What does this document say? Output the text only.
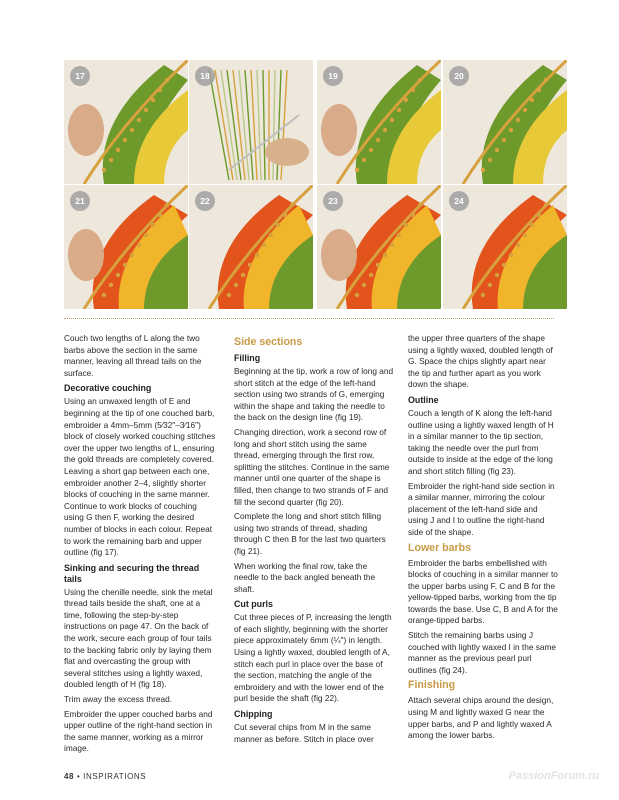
17	18	19	20
21	22	23	24

Couch two lengths of L along the two barbs above the section in the same manner, leaving all thread tails on the surface.

Decorative couching

Using an unwaxed length of E and beginning at the tip of one couched barb, embroider a 4mm–5mm (5⁄32"–3⁄16") block of closely worked couching stitches over the upper two lengths of L, ensuring the gold threads are completely covered. Leaving a short gap between each one, embroider another 2–4, slightly shorter blocks of couching in the same manner. Continue to work blocks of couching using G then F, working the desired number of blocks in each colour. Repeat to work the remaining barb and upper outline (fig 17).

Sinking and securing the thread tails

Using the chenille needle, sink the metal thread tails beside the shaft, one at a time, following the step-by-step instructions on page 47. On the back of the work, secure each group of four tails to the backing fabric only by laying them flat and overcasting the group with several stitches using a lightly waxed, doubled length of H (fig 18).

Trim away the excess thread.

Embroider the upper couched barbs and upper outline of the right-hand section in the same manner, working as a mirror image.

Side sections
Filling

Beginning at the tip, work a row of long and short stitch at the edge of the left-hand section using two strands of G, emerging within the shape and taking the needle to the back on the design line (fig 19).

Changing direction, work a second row of long and short stitch using the same thread, emerging through the first row, splitting the stitches. Continue in the same manner until one quarter of the shape is filled, then change to two strands of F and fill the second quarter (fig 20).

Complete the long and short stitch filling using two strands of thread, shading through C then B for the last two quarters (fig 21).

When working the final row, take the needle to the back angled beneath the shaft.

Cut purls

Cut three pieces of P, increasing the length of each slightly, beginning with the shorter piece approximately 6mm (¼") in length. Using a lightly waxed, doubled length of A, stitch each purl in place over the base of the section, matching the angle of the embroidery and with the lower end of the purl beside the shaft (fig 22).

Chipping

Cut several chips from M in the same manner as before. Stitch in place over

the upper three quarters of the shape using a lightly waxed, doubled length of G. Space the chips slightly apart near the tip and further apart as you work down the shape.

Outline

Couch a length of K along the left-hand outline using a lightly waxed length of H in a similar manner to the tip section, taking the needle over the purl from outside to inside at the edge of the long and short stitch filling (fig 23).

Embroider the right-hand side section in a similar manner, mirroring the colour placement of the left-hand side and using J and I to outline the right-hand side of the shape.

Lower barbs

Embroider the barbs embellished with blocks of couching in a similar manner to the upper barbs using F, C and B for the yellow-tipped barbs, working from the tip towards the base. Use C, B and A for the orange-tipped barbs.

Stitch the remaining barbs using J couched with lightly waxed I in the same manner as the previous pearl purl outlines (fig 24).

Finishing

Attach several chips around the design, using M and lightly waxed G near the upper barbs, and P and lightly waxed A among the lower barbs.

48 • INSPIRATIONS	PassionForum.ru
